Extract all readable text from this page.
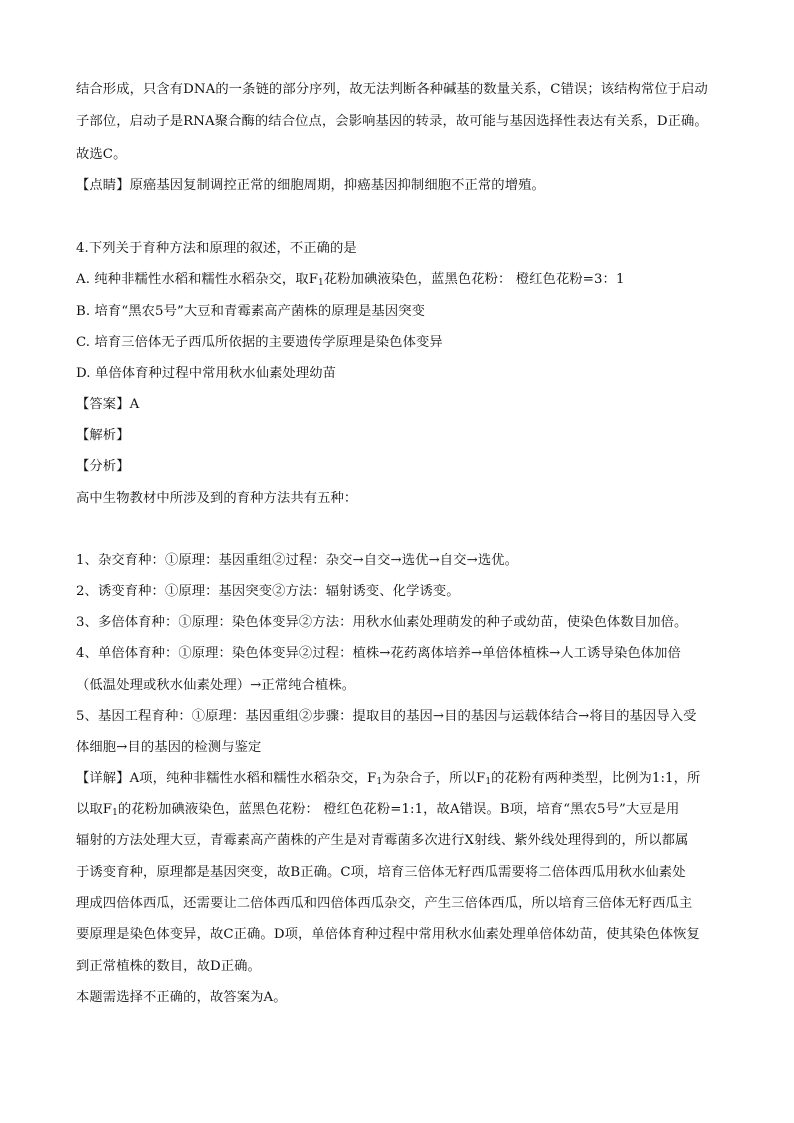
结合形成，只含有DNA的一条链的部分序列，故无法判断各种碱基的数量关系，C错误；该结构常位于启动
子部位，启动子是RNA聚合酶的结合位点，会影响基因的转录，故可能与基因选择性表达有关系，D正确。
故选C。
【点睛】原癌基因复制调控正常的细胞周期，抑癌基因抑制细胞不正常的增殖。
4.下列关于育种方法和原理的叙述，不正确的是
A. 纯种非糯性水稻和糯性水稻杂交，取$F_1$花粉加碘液染色，蓝黑色花粉： 橙红色花粉=3：1
B. 培育“黑农5号”大豆和青霉素高产菌株的原理是基因突变
C. 培育三倍体无子西瓜所依据的主要遗传学原理是染色体变异
D. 单倍体育种过程中常用秋水仙素处理幼苗
【答案】A
【解析】
【分析】
高中生物教材中所涉及到的育种方法共有五种：
1、杂交育种：①原理：基因重组②过程：杂交→自交→选优→自交→选优。
2、诱变育种：①原理：基因突变②方法：辐射诱变、化学诱变。
3、多倍体育种：①原理：染色体变异②方法：用秋水仙素处理萌发的种子或幼苗，使染色体数目加倍。
4、单倍体育种：①原理：染色体变异②过程：植株→花药离体培养→单倍体植株→人工诱导染色体加倍
（低温处理或秋水仙素处理）→正常纯合植株。
5、基因工程育种：①原理：基因重组②步骤：提取目的基因→目的基因与运载体结合→将目的基因导入受
体细胞→目的基因的检测与鉴定
【详解】A项，纯种非糯性水稻和糯性水稻杂交，$F_1$为杂合子，所以$F_1$的花粉有两种类型，比例为1:1，所
以取$F_1$的花粉加碘液染色，蓝黑色花粉： 橙红色花粉=1:1，故A错误。B项，培育“黑农5号”大豆是用
辐射的方法处理大豆，青霉素高产菌株的产生是对青霉菌多次进行X射线、紫外线处理得到的，所以都属
于诱变育种，原理都是基因突变，故B正确。C项，培育三倍体无籽西瓜需要将二倍体西瓜用秋水仙素处
理成四倍体西瓜，还需要让二倍体西瓜和四倍体西瓜杂交，产生三倍体西瓜，所以培育三倍体无籽西瓜主
要原理是染色体变异，故C正确。D项，单倍体育种过程中常用秋水仙素处理单倍体幼苗，使其染色体恢复
到正常植株的数目，故D正确。
本题需选择不正确的，故答案为A。
